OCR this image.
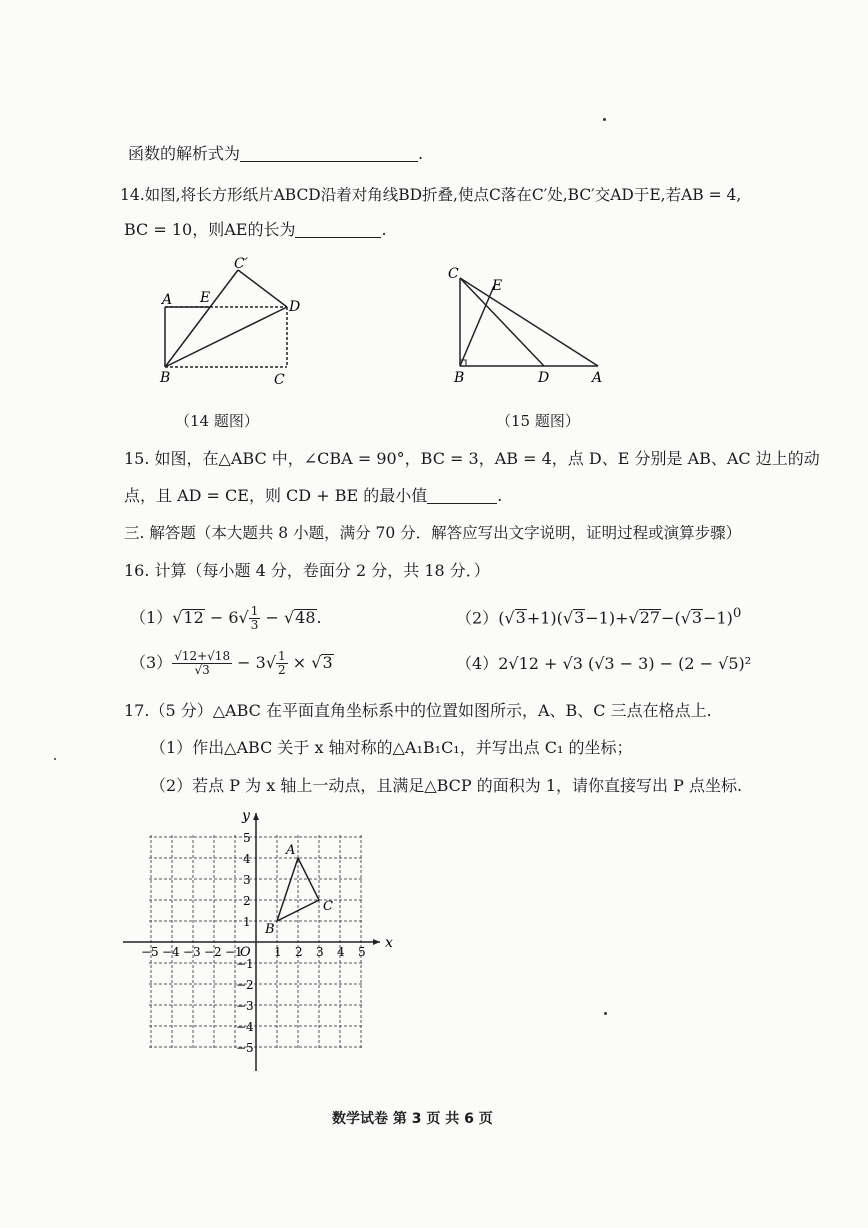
函数的解析式为	.
14.如图,将长方形纸片ABCD沿着对角线BD折叠,使点C落在C′处,BC′交AD于E,若AB = 4,
BC = 10，则AE的长为	.
A E
C′
D
B	C
（14 题图）
C
E
B	D	A
（15 题图）
15. 如图，在△ABC 中，∠CBA = 90°，BC = 3，AB = 4，点 D、E 分别是 AB、AC 边上的动
点，且 AD = CE，则 CD + BE 的最小值	.
三. 解答题（本大题共 8 小题，满分 70 分．解答应写出文字说明，证明过程或演算步骤）
16. 计算（每小题 4 分，卷面分 2 分，共 18 分．）
$(1)√12 - 6√ \frac{1}{3} - √48$.	$(2)(√3+1)(√3-1)+√27-(√3-1)^0$
$(3) \frac{√12+√18}{√3} - 3√ \frac{1}{2} \times √3$	（4）2√12 + √3 (√3 − 3) − (2 − √5)²
17.（5 分）△ABC 在平面直角坐标系中的位置如图所示，A、B、C 三点在格点上.
（1）作出△ABC 关于 x 轴对称的△A₁B₁C₁，并写出点 C₁ 的坐标；
（2）若点 P 为 x 轴上一动点，且满足△BCP 的面积为 1，请你直接写出 P 点坐标.
x
y
O
−5 −4 −3 −2 −1	1 2 3 4 5
1
2
3
4
5
−1
−2
−3
−4
−5
A
B
C
数学试卷 第 3 页 共 6 页
